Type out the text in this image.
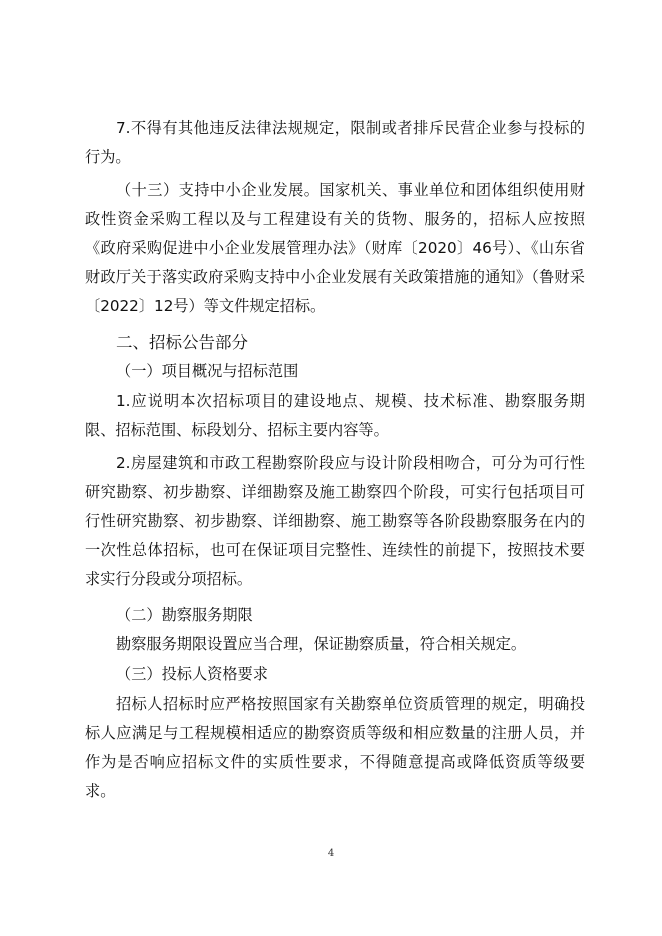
7.不得有其他违反法律法规规定，限制或者排斥民营企业参与投标的行为。

（十三）支持中小企业发展。国家机关、事业单位和团体组织使用财政性资金采购工程以及与工程建设有关的货物、服务的，招标人应按照《政府采购促进中小企业发展管理办法》（财库〔2020〕46号）、《山东省财政厅关于落实政府采购支持中小企业发展有关政策措施的通知》（鲁财采〔2022〕12号）等文件规定招标。

二、招标公告部分

（一）项目概况与招标范围

1.应说明本次招标项目的建设地点、规模、技术标准、勘察服务期限、招标范围、标段划分、招标主要内容等。

2.房屋建筑和市政工程勘察阶段应与设计阶段相吻合，可分为可行性研究勘察、初步勘察、详细勘察及施工勘察四个阶段，可实行包括项目可行性研究勘察、初步勘察、详细勘察、施工勘察等各阶段勘察服务在内的一次性总体招标，也可在保证项目完整性、连续性的前提下，按照技术要求实行分段或分项招标。

（二）勘察服务期限

勘察服务期限设置应当合理，保证勘察质量，符合相关规定。

（三）投标人资格要求

招标人招标时应严格按照国家有关勘察单位资质管理的规定，明确投标人应满足与工程规模相适应的勘察资质等级和相应数量的注册人员，并作为是否响应招标文件的实质性要求，不得随意提高或降低资质等级要求。

4
